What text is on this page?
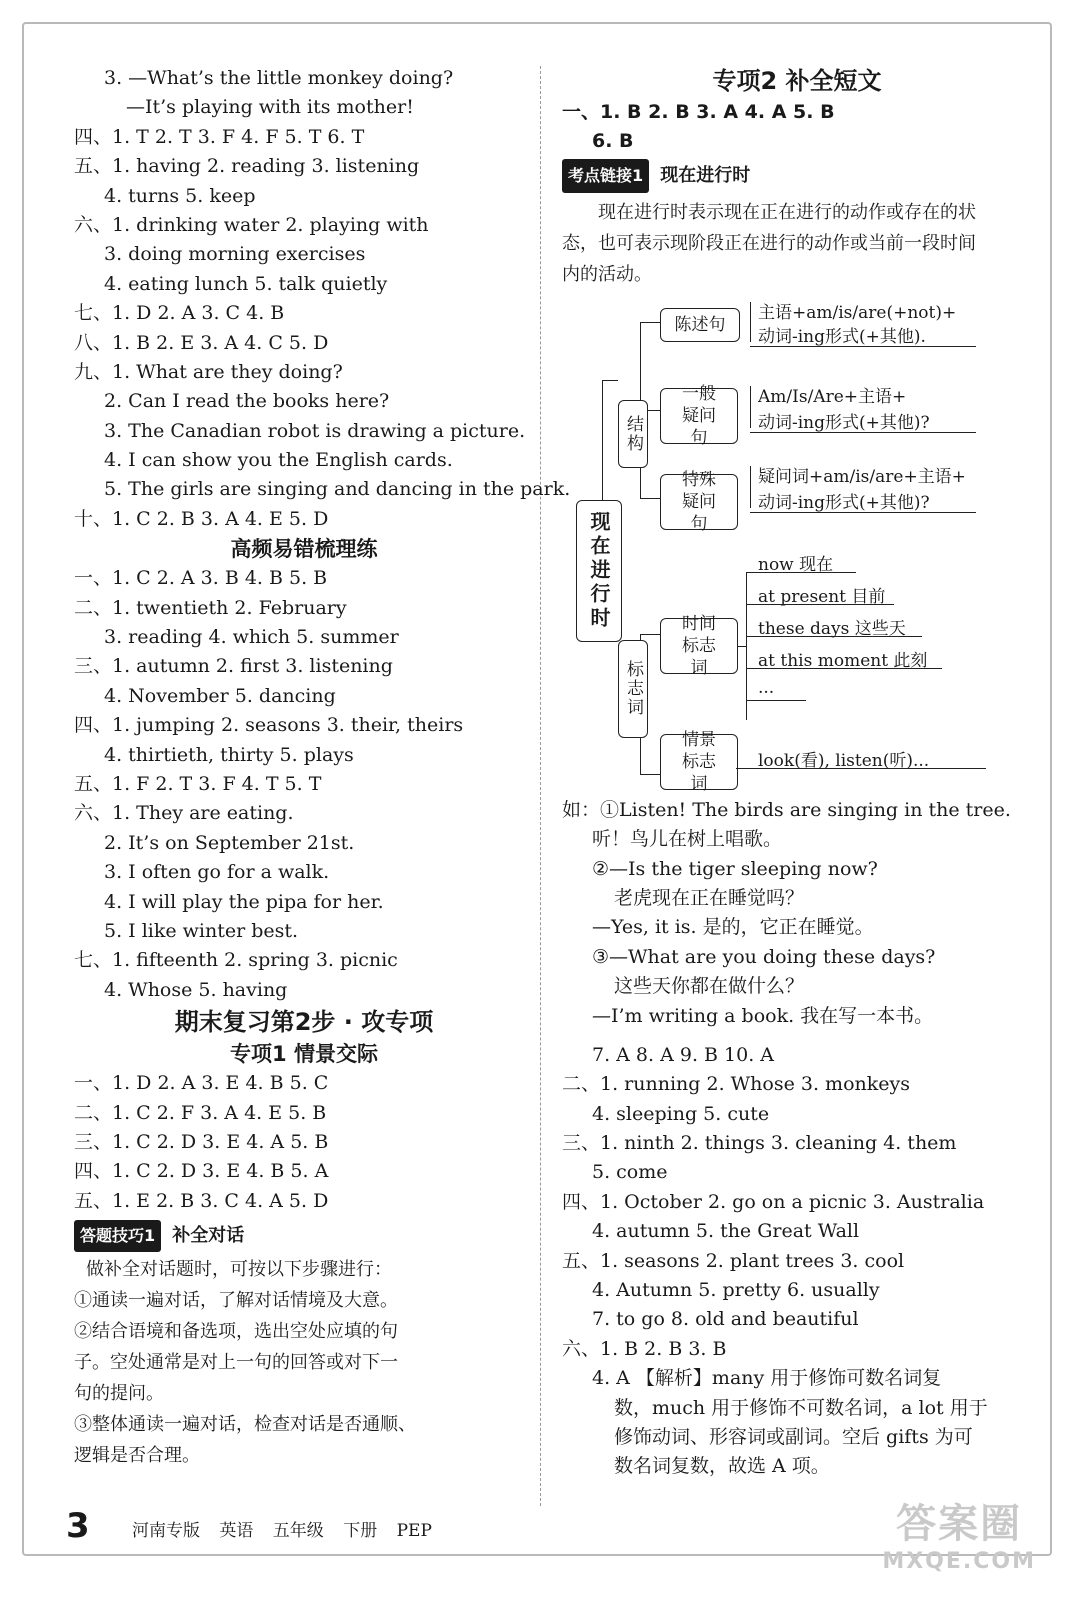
3. —What’s the little monkey doing?
—It’s playing with its mother!
四、1. T 2. T 3. F 4. F 5. T 6. T
五、1. having 2. reading 3. listening
4. turns 5. keep
六、1. drinking water 2. playing with
3. doing morning exercises
4. eating lunch 5. talk quietly
七、1. D 2. A 3. C 4. B
八、1. B 2. E 3. A 4. C 5. D
九、1. What are they doing?
2. Can I read the books here?
3. The Canadian robot is drawing a picture.
4. I can show you the English cards.
5. The girls are singing and dancing in the park.
十、1. C 2. B 3. A 4. E 5. D
高频易错梳理练
一、1. C 2. A 3. B 4. B 5. B
二、1. twentieth 2. February
3. reading 4. which 5. summer
三、1. autumn 2. first 3. listening
4. November 5. dancing
四、1. jumping 2. seasons 3. their, theirs
4. thirtieth, thirty 5. plays
五、1. F 2. T 3. F 4. T 5. T
六、1. They are eating.
2. It’s on September 21st.
3. I often go for a walk.
4. I will play the pipa for her.
5. I like winter best.
七、1. fifteenth 2. spring 3. picnic
4. Whose 5. having
期末复习第2步 · 攻专项
专项1 情景交际
一、1. D 2. A 3. E 4. B 5. C
二、1. C 2. F 3. A 4. E 5. B
三、1. C 2. D 3. E 4. A 5. B
四、1. C 2. D 3. E 4. B 5. A
五、1. E 2. B 3. C 4. A 5. D
答题技巧1 补全对话
做补全对话题时，可按以下步骤进行：
①通读一遍对话，了解对话情境及大意。
②结合语境和备选项，选出空处应填的句
子。空处通常是对上一句的回答或对下一
句的提问。
③整体通读一遍对话，检查对话是否通顺、
逻辑是否合理。
专项2 补全短文
一、1. B 2. B 3. A 4. A 5. B
6. B
考点链接1 现在进行时
现在进行时表示现在正在进行的动作或存在的状态，也可表示现阶段正在进行的动作或当前一段时间内的活动。
现在进行时
结构
标志词
陈述句
一般疑问句
特殊疑问句
时间标志词
情景标志词
主语+am/is/are(+not)+
动词-ing形式(+其他).
Am/Is/Are+主语+
动词-ing形式(+其他)?
疑问词+am/is/are+主语+
动词-ing形式(+其他)?
now 现在
at present 目前
these days 这些天
at this moment 此刻
...
look(看), listen(听)...
如：①Listen! The birds are singing in the tree.
听！鸟儿在树上唱歌。
②—Is the tiger sleeping now?
老虎现在正在睡觉吗？
—Yes, it is. 是的，它正在睡觉。
③—What are you doing these days?
这些天你都在做什么？
—I’m writing a book. 我在写一本书。
7. A 8. A 9. B 10. A
二、1. running 2. Whose 3. monkeys
4. sleeping 5. cute
三、1. ninth 2. things 3. cleaning 4. them
5. come
四、1. October 2. go on a picnic 3. Australia
4. autumn 5. the Great Wall
五、1. seasons 2. plant trees 3. cool
4. Autumn 5. pretty 6. usually
7. to go 8. old and beautiful
六、1. B 2. B 3. B
4. A 【解析】many 用于修饰可数名词复
数，much 用于修饰不可数名词，a lot 用于
修饰动词、形容词或副词。空后 gifts 为可
数名词复数，故选 A 项。
3 河南专版 英语 五年级 下册 PEP	答案圈
MXQE.COM
